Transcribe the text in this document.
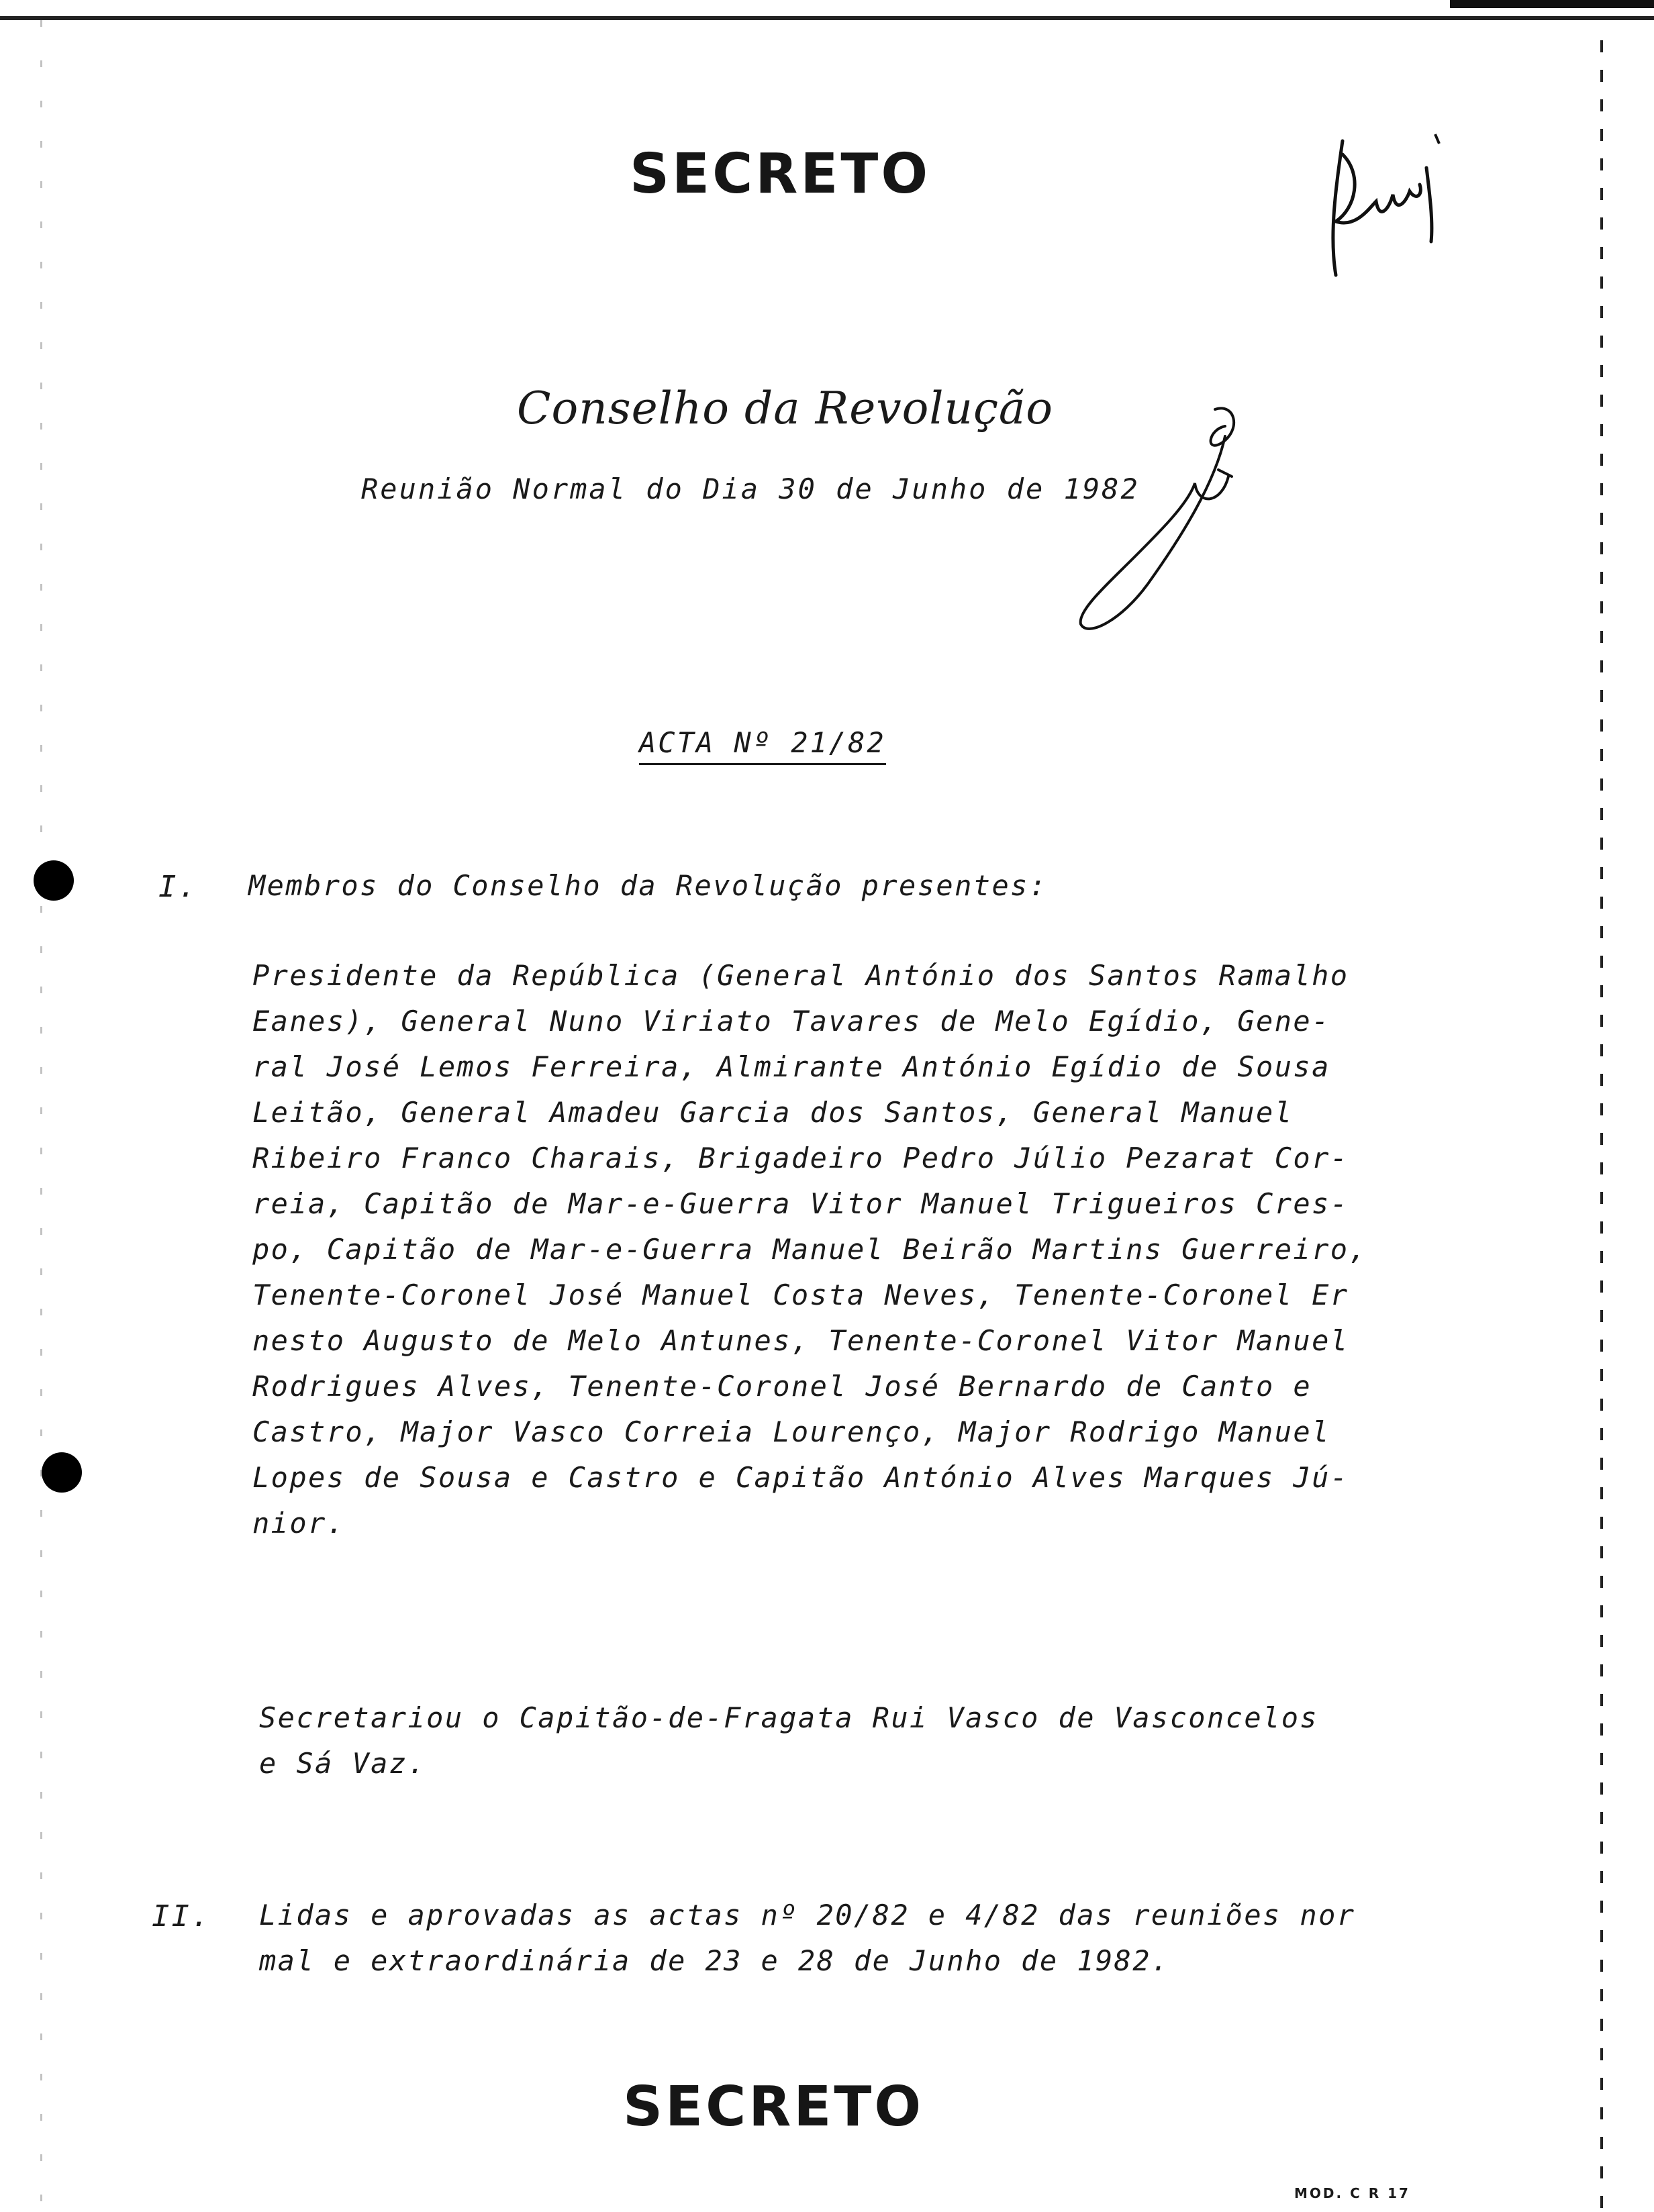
SECRETO
Conselho da Revolução
Reunião Normal do Dia 30 de Junho de 1982
ACTA Nº 21/82
I. Membros do Conselho da Revolução presentes:
Presidente da República (General António dos Santos Ramalho
Eanes), General Nuno Viriato Tavares de Melo Egídio, Gene-
ral José Lemos Ferreira, Almirante António Egídio de Sousa
Leitão, General Amadeu Garcia dos Santos, General Manuel
Ribeiro Franco Charais, Brigadeiro Pedro Júlio Pezarat Cor-
reia, Capitão de Mar-e-Guerra Vitor Manuel Trigueiros Cres-
po, Capitão de Mar-e-Guerra Manuel Beirão Martins Guerreiro,
Tenente-Coronel José Manuel Costa Neves, Tenente-Coronel Er
nesto Augusto de Melo Antunes, Tenente-Coronel Vitor Manuel
Rodrigues Alves, Tenente-Coronel José Bernardo de Canto e
Castro, Major Vasco Correia Lourenço, Major Rodrigo Manuel
Lopes de Sousa e Castro e Capitão António Alves Marques Jú-
nior.
Secretariou o Capitão-de-Fragata Rui Vasco de Vasconcelos
e Sá Vaz.
II. Lidas e aprovadas as actas nº 20/82 e 4/82 das reuniões nor
mal e extraordinária de 23 e 28 de Junho de 1982.
SECRETO
MOD. C R 17
